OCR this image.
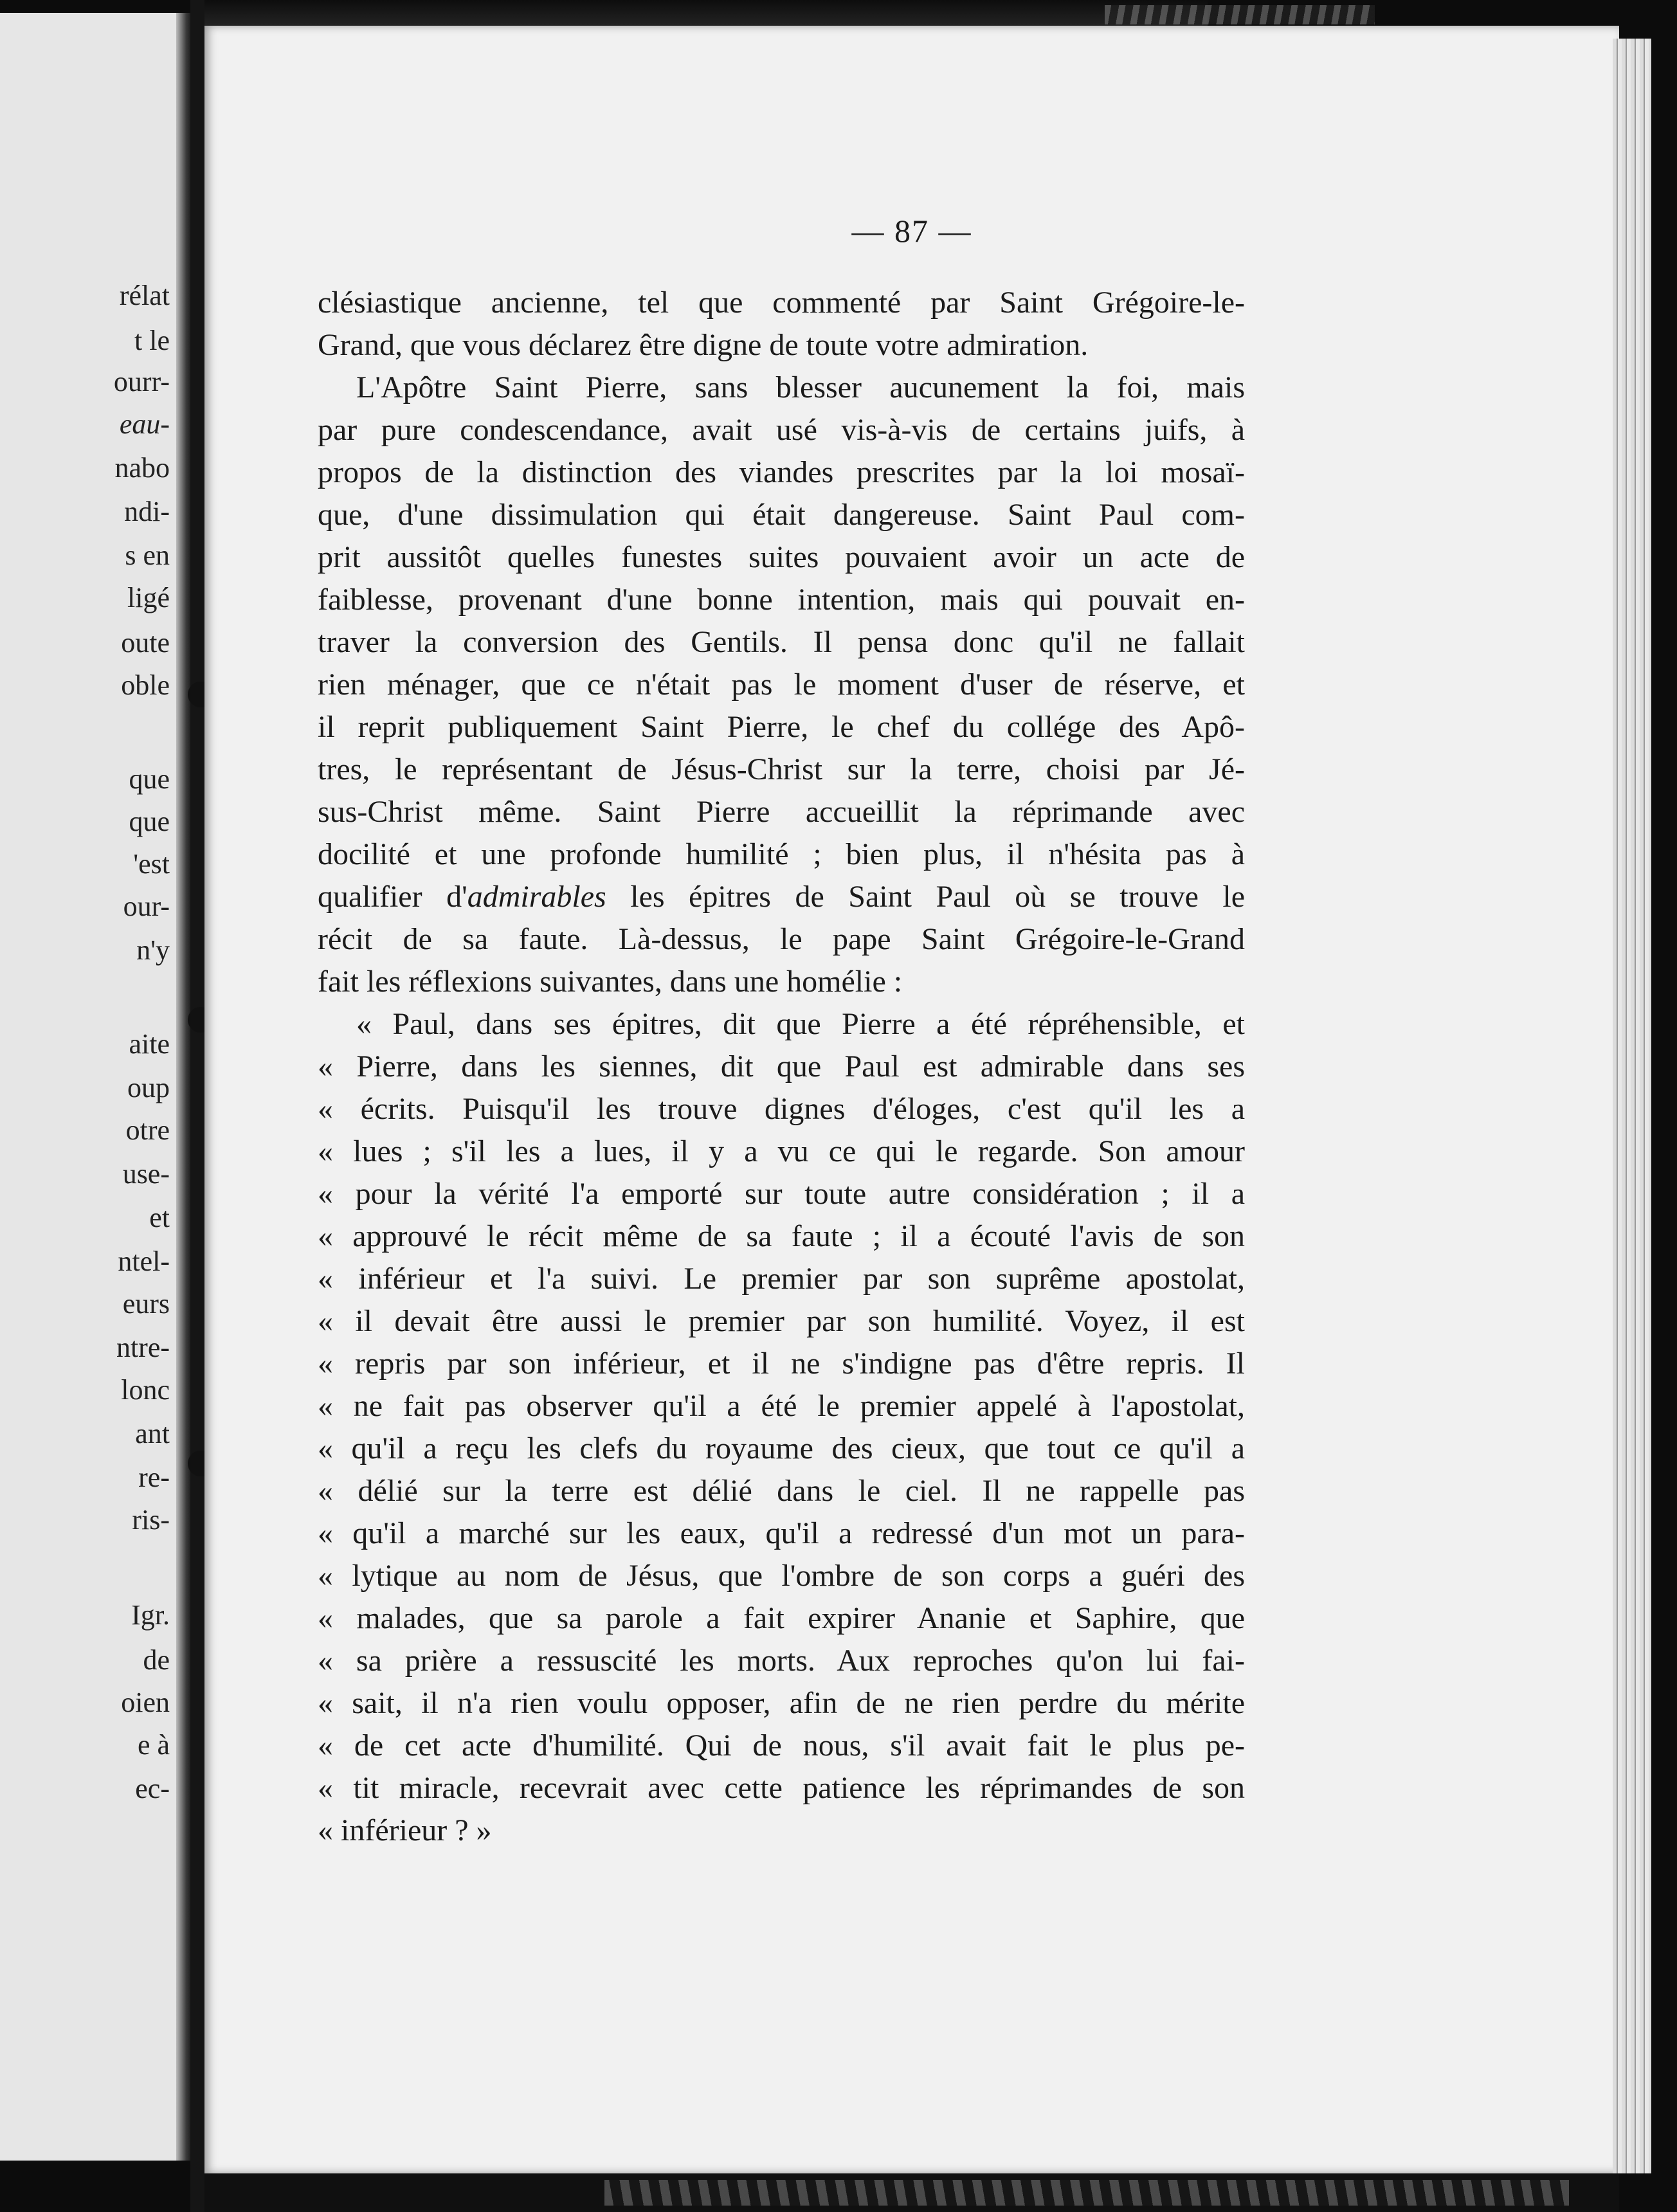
rélat
t le
ourr-
eau-
nabo
ndi-
s en
ligé
oute
oble
que
que
'est
our-
n'y
aite
oup
otre
use-
et
ntel-
eurs
ntre-
lonc
ant
re-
ris-
Igr.
de
oien
e à
ec-
— 87 —
clésiastique ancienne, tel que commenté par Saint Grégoire-le-
Grand, que vous déclarez être digne de toute votre admiration.
L'Apôtre Saint Pierre, sans blesser aucunement la foi, mais
par pure condescendance, avait usé vis-à-vis de certains juifs, à
propos de la distinction des viandes prescrites par la loi mosaï-
que, d'une dissimulation qui était dangereuse. Saint Paul com-
prit aussitôt quelles funestes suites pouvaient avoir un acte de
faiblesse, provenant d'une bonne intention, mais qui pouvait en-
traver la conversion des Gentils. Il pensa donc qu'il ne fallait
rien ménager, que ce n'était pas le moment d'user de réserve, et
il reprit publiquement Saint Pierre, le chef du collége des Apô-
tres, le représentant de Jésus-Christ sur la terre, choisi par Jé-
sus-Christ même. Saint Pierre accueillit la réprimande avec
docilité et une profonde humilité ; bien plus, il n'hésita pas à
qualifier d'admirables les épitres de Saint Paul où se trouve le
récit de sa faute. Là-dessus, le pape Saint Grégoire-le-Grand
fait les réflexions suivantes, dans une homélie :
« Paul, dans ses épitres, dit que Pierre a été répréhensible, et
« Pierre, dans les siennes, dit que Paul est admirable dans ses
« écrits. Puisqu'il les trouve dignes d'éloges, c'est qu'il les a
« lues ; s'il les a lues, il y a vu ce qui le regarde. Son amour
« pour la vérité l'a emporté sur toute autre considération ; il a
« approuvé le récit même de sa faute ; il a écouté l'avis de son
« inférieur et l'a suivi. Le premier par son suprême apostolat,
« il devait être aussi le premier par son humilité. Voyez, il est
« repris par son inférieur, et il ne s'indigne pas d'être repris. Il
« ne fait pas observer qu'il a été le premier appelé à l'apostolat,
« qu'il a reçu les clefs du royaume des cieux, que tout ce qu'il a
« délié sur la terre est délié dans le ciel. Il ne rappelle pas
« qu'il a marché sur les eaux, qu'il a redressé d'un mot un para-
« lytique au nom de Jésus, que l'ombre de son corps a guéri des
« malades, que sa parole a fait expirer Ananie et Saphire, que
« sa prière a ressuscité les morts. Aux reproches qu'on lui fai-
« sait, il n'a rien voulu opposer, afin de ne rien perdre du mérite
« de cet acte d'humilité. Qui de nous, s'il avait fait le plus pe-
« tit miracle, recevrait avec cette patience les réprimandes de son
« inférieur ? »
